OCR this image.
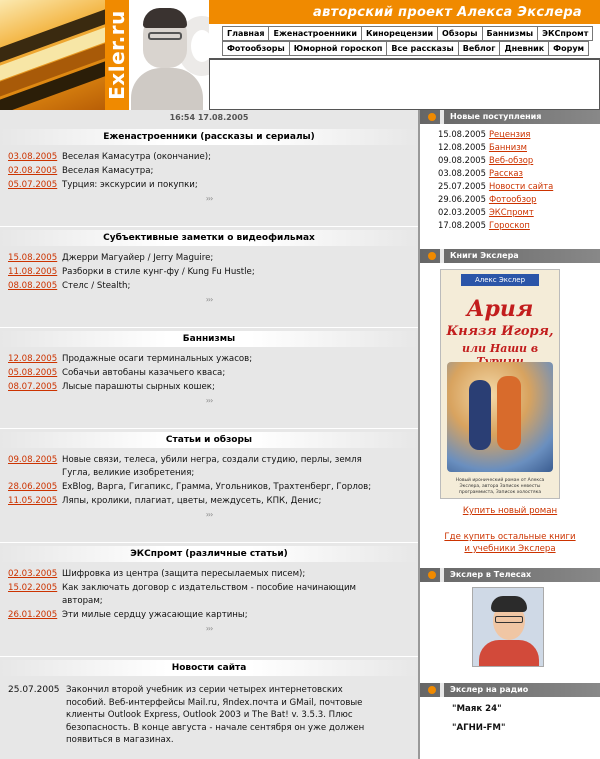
Exler.ru	авторский проект Алекса Экслера
Главная	Еженастроенники	Кинорецензии	Обзоры	Баннизмы	ЭКСпромт
Фотообзоры	Юморной гороскоп	Все рассказы	Веблог	Дневник	Форум
16:54 17.08.2005
Еженастроенники (рассказы и сериалы)
03.08.2005 Веселая Камасутра (окончание);
02.08.2005 Веселая Камасутра;
05.07.2005 Турция: экскурсии и покупки;
›››
Субъективные заметки о видеофильмах
15.08.2005 Джерри Магуайер / Jerry Maguire;
11.08.2005 Разборки в стиле кунг-фу / Kung Fu Hustle;
08.08.2005 Стелс / Stealth;
›››
Баннизмы
12.08.2005 Продажные осаги терминальных ужасов;
05.08.2005 Собачьи автобаны казачьего кваса;
08.07.2005 Лысые парашюты сырных кошек;
›››
Статьи и обзоры
09.08.2005 Новые связи, телеса, убили негра, создали студию, перлы, земля Гугла, великие изобретения;
28.06.2005 ExBlog, Варга, Гигапикс, Грамма, Угольников, Трахтенберг, Горлов;
11.05.2005 Ляпы, кролики, плагиат, цветы, междусеть, КПК, Денис;
›››
ЭКСпромт (различные статьи)
02.03.2005 Шифровка из центра (защита пересылаемых писем);
15.02.2005 Как заключать договор с издательством - пособие начинающим авторам;
26.01.2005 Эти милые сердцу ужасающие картины;
›››
Новости сайта
25.07.2005 Закончил второй учебник из серии четырех интернетовских пособий. Веб-интерфейсы Mail.ru, Яndex.почта и GMail, почтовые клиенты Outlook Express, Outlook 2003 и The Bat! v. 3.5.3. Плюс безопасность. В конце августа - начале сентября он уже должен появиться в магазинах.
Новые поступления
15.08.2005 Рецензия
12.08.2005 Баннизм
09.08.2005 Веб-обзор
03.08.2005 Рассказ
25.07.2005 Новости сайта
29.06.2005 Фотообзор
02.03.2005 ЭКСпромт
17.08.2005 Гороскоп
Книги Экслера
Алекс Экслер
Ария
Князя Игоря,
или Наши в
Новый иронический роман от Алекса Экслера, автора Записок невесты программиста, Записок холостяка
Купить новый роман
Где купить остальные книги и учебники Экслера
Экслер в Телесах
Экслер на радио
"Маяк 24"
"АГНИ-FM"
